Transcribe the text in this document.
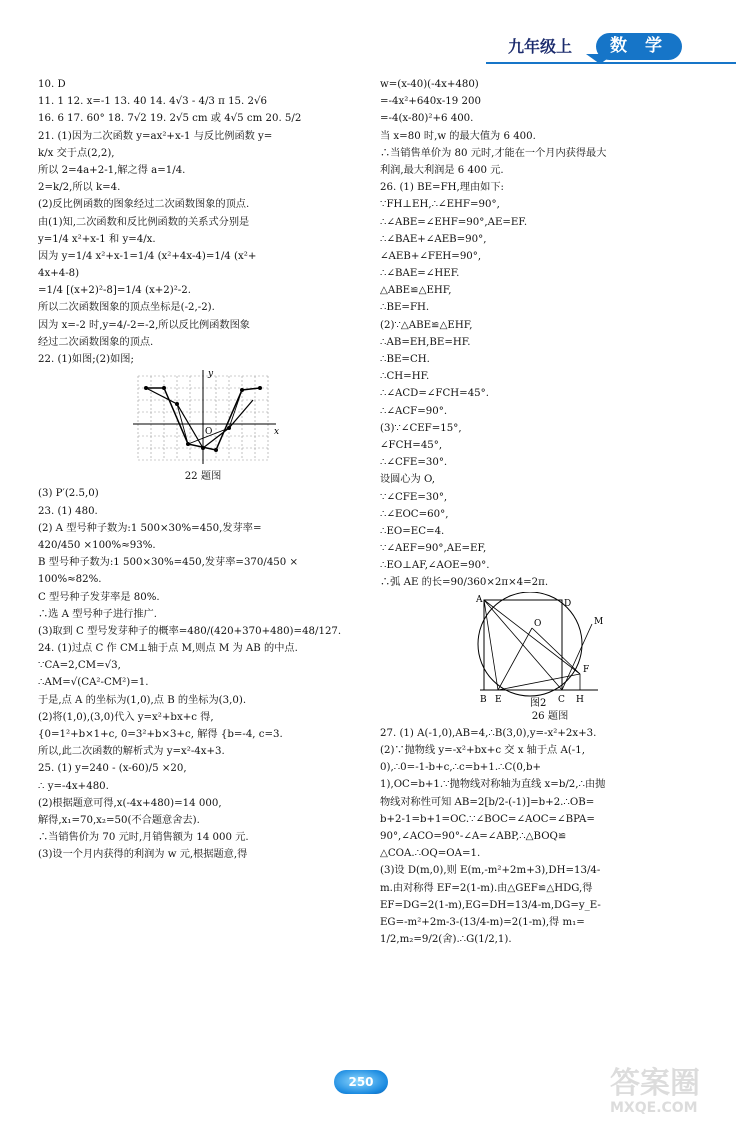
九年级上	数 学
10. D
11. 1 12. x=-1 13. 40 14. 4√3 - 4/3 π 15. 2√6
16. 6 17. 60° 18. 7√2 19. 2√5 cm 或 4√5 cm 20. 5/2
21. (1)因为二次函数 y=ax²+x-1 与反比例函数 y=
k/x 交于点(2,2),
所以 2=4a+2-1,解之得 a=1/4.
2=k/2,所以 k=4.
(2)反比例函数的图象经过二次函数图象的顶点.
由(1)知,二次函数和反比例函数的关系式分别是
y=1/4 x²+x-1 和 y=4/x.
因为 y=1/4 x²+x-1=1/4 (x²+4x-4)=1/4 (x²+
4x+4-8)
=1/4 [(x+2)²-8]=1/4 (x+2)²-2.
所以二次函数图象的顶点坐标是(-2,-2).
因为 x=-2 时,y=4/-2=-2,所以反比例函数图象
经过二次函数图象的顶点.
22. (1)如图;(2)如图;
y
x
O
22 题图
(3) P′(2.5,0)
23. (1) 480.
(2) A 型号种子数为:1 500×30%=450,发芽率=
420/450 ×100%≈93%.
B 型号种子数为:1 500×30%=450,发芽率=370/450 ×
100%≈82%.
C 型号种子发芽率是 80%.
∴选 A 型号种子进行推广.
(3)取到 C 型号发芽种子的概率=480/(420+370+480)=48/127.
24. (1)过点 C 作 CM⊥轴于点 M,则点 M 为 AB 的中点.
∵CA=2,CM=√3,
∴AM=√(CA²-CM²)=1.
于是,点 A 的坐标为(1,0),点 B 的坐标为(3,0).
(2)将(1,0),(3,0)代入 y=x²+bx+c 得,
{0=1²+b×1+c, 0=3²+b×3+c, 解得 {b=-4, c=3.
所以,此二次函数的解析式为 y=x²-4x+3.
25. (1) y=240 - (x-60)/5 ×20,
∴ y=-4x+480.
(2)根据题意可得,x(-4x+480)=14 000,
解得,x₁=70,x₂=50(不合题意舍去).
∴当销售价为 70 元时,月销售额为 14 000 元.
(3)设一个月内获得的利润为 w 元,根据题意,得
w=(x-40)(-4x+480)
=-4x²+640x-19 200
=-4(x-80)²+6 400.
当 x=80 时,w 的最大值为 6 400.
∴当销售单价为 80 元时,才能在一个月内获得最大
利润,最大利润是 6 400 元.
26. (1) BE=FH,理由如下:
∵FH⊥EH,∴∠EHF=90°,
∴∠ABE=∠EHF=90°,AE=EF.
∴∠BAE+∠AEB=90°,
∠AEB+∠FEH=90°,
∴∠BAE=∠HEF.
△ABE≌△EHF,
∴BE=FH.
(2)∵△ABE≌△EHF,
∴AB=EH,BE=HF.
∴BE=CH.
∴CH=HF.
∴∠ACD=∠FCH=45°.
∴∠ACF=90°.
(3)∵∠CEF=15°,
∠FCH=45°,
∴∠CFE=30°.
设圆心为 O,
∵∠CFE=30°,
∴∠EOC=60°,
∴EO=EC=4.
∵∠AEF=90°,AE=EF,
∴EO⊥AF,∠AOE=90°.
∴弧 AE 的长=90/360×2π×4=2π.
A
B E	C H
F
O
D
M
图2
26 题图
27. (1) A(-1,0),AB=4,∴B(3,0),y=-x²+2x+3.
(2)∵抛物线 y=-x²+bx+c 交 x 轴于点 A(-1,
0),∴0=-1-b+c,∴c=b+1.∴C(0,b+
1),OC=b+1.∵抛物线对称轴为直线 x=b/2,∴由抛
物线对称性可知 AB=2[b/2-(-1)]=b+2.∴OB=
b+2-1=b+1=OC.∵∠BOC=∠AOC=∠BPA=
90°,∠ACO=90°-∠A=∠ABP,∴△BOQ≌
△COA.∴OQ=OA=1.
(3)设 D(m,0),则 E(m,-m²+2m+3),DH=13/4-
m.由对称得 EF=2(1-m).由△GEF≌△HDG,得
EF=DG=2(1-m),EG=DH=13/4-m,DG=y_E-
EG=-m²+2m-3-(13/4-m)=2(1-m),得 m₁=
1/2,m₂=9/2(舍).∴G(1/2,1).
250	答案圈
MXQE.COM
